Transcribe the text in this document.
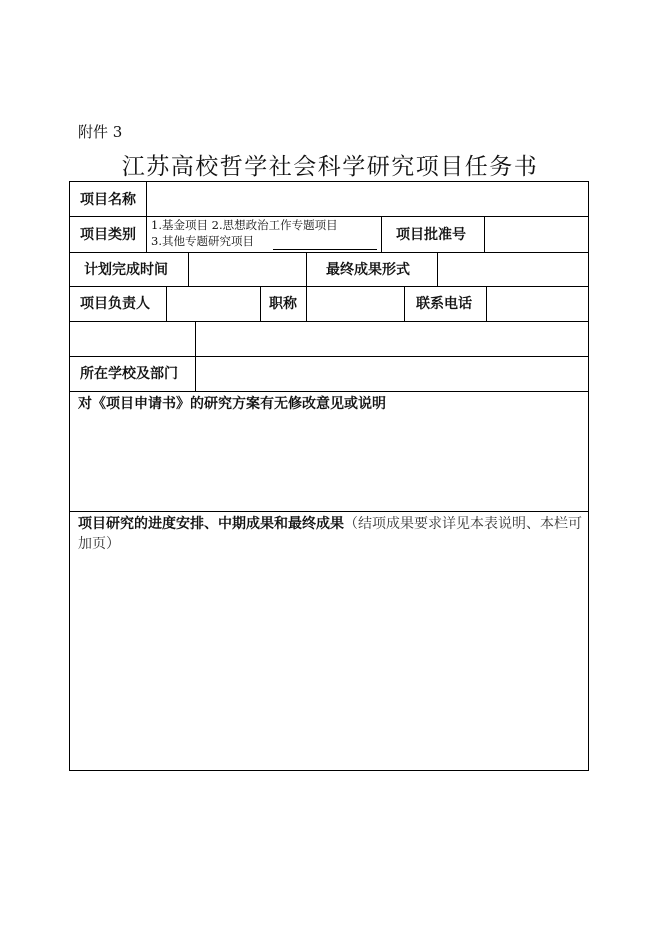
附件 3
江苏高校哲学社会科学研究项目任务书
项目名称
项目类别
1.基金项目 2.思想政治工作专题项目
3.其他专题研究项目	项目批准号
计划完成时间	最终成果形式
项目负责人	职称	联系电话
所在学校及部门
对《项目申请书》的研究方案有无修改意见或说明
项目研究的进度安排、中期成果和最终成果（结项成果要求详见本表说明、本栏可加页）
